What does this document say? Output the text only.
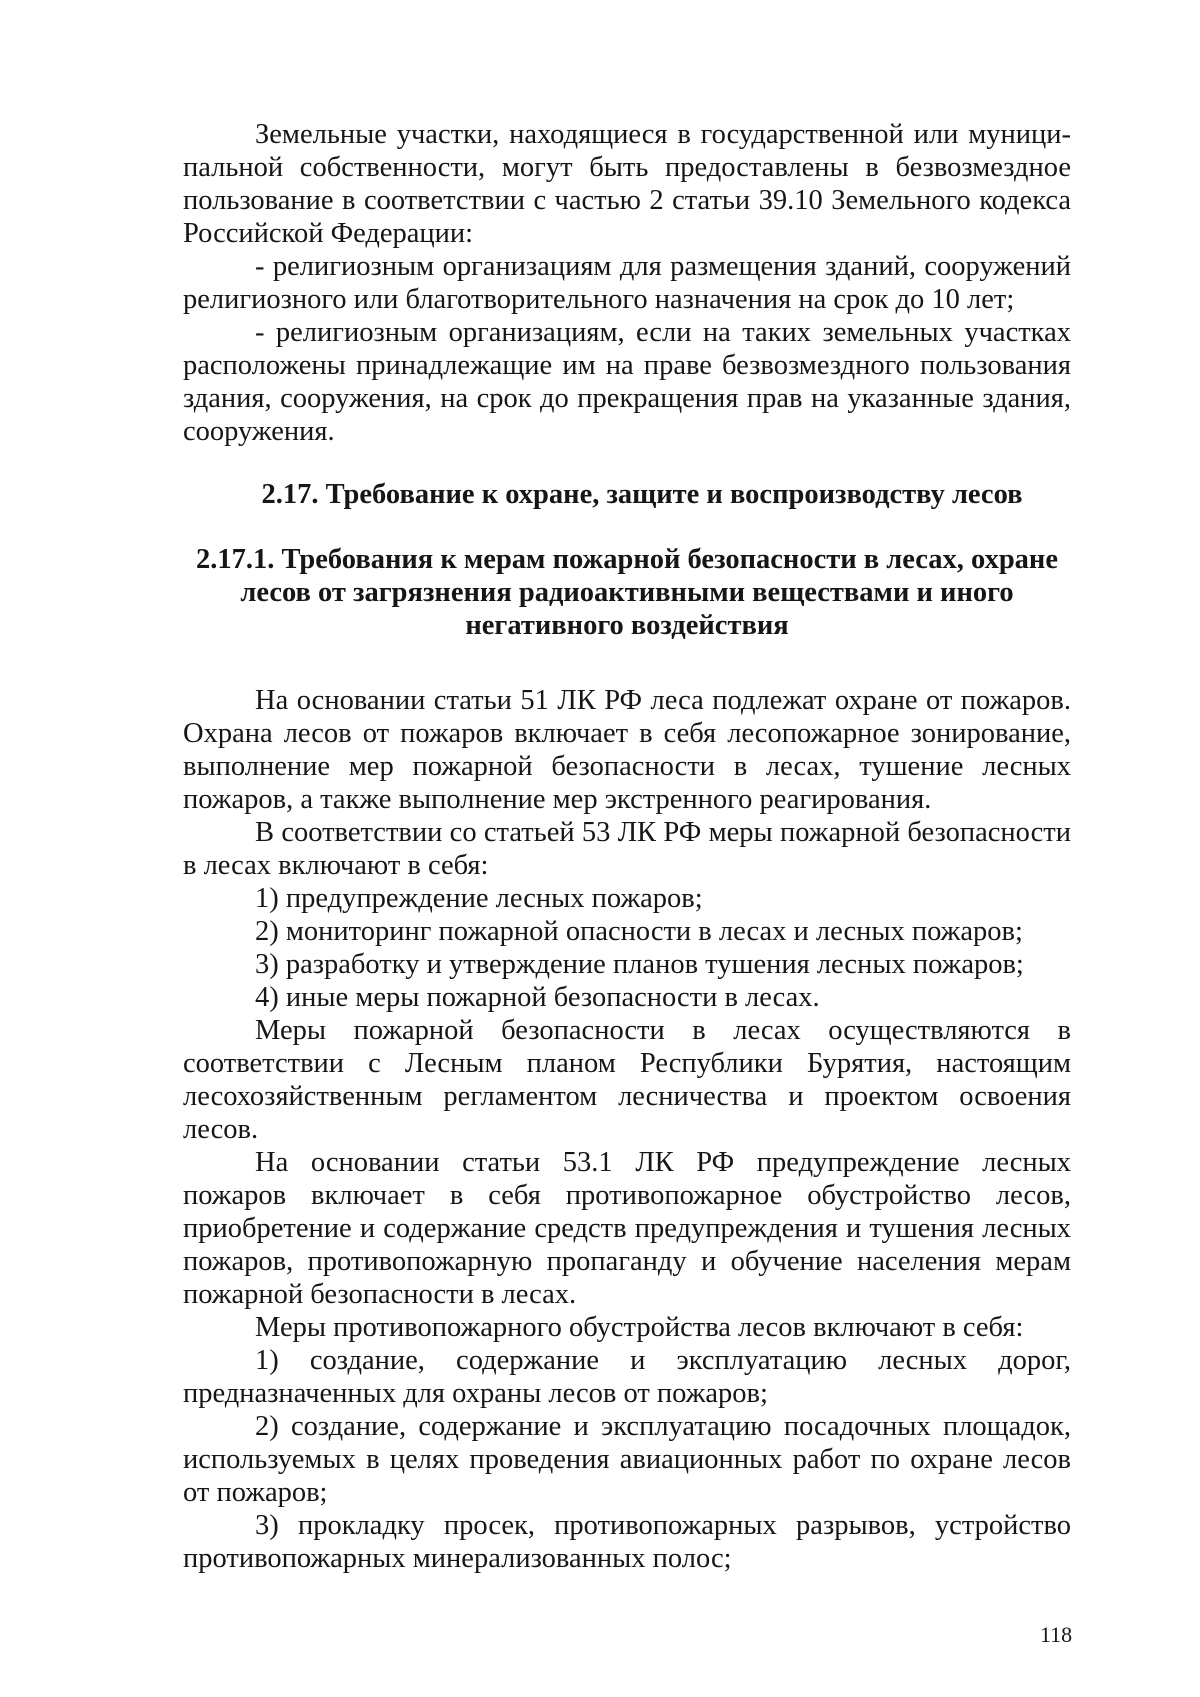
Земельные участки, находящиеся в государственной или муниципальной собственности, могут быть предоставлены в безвозмездное пользование в соответствии с частью 2 статьи 39.10 Земельного кодекса Российской Федерации:

- религиозным организациям для размещения зданий, сооружений религиозного или благотворительного назначения на срок до 10 лет;

- религиозным организациям, если на таких земельных участках расположены принадлежащие им на праве безвозмездного пользования здания, сооружения, на срок до прекращения прав на указанные здания, сооружения.

2.17. Требование к охране, защите и воспроизводству лесов
2.17.1. Требования к мерам пожарной безопасности в лесах, охране лесов от загрязнения радиоактивными веществами и иного негативного воздействия

На основании статьи 51 ЛК РФ леса подлежат охране от пожаров. Охрана лесов от пожаров включает в себя лесопожарное зонирование, выполнение мер пожарной безопасности в лесах, тушение лесных пожаров, а также выполнение мер экстренного реагирования.

В соответствии со статьей 53 ЛК РФ меры пожарной безопасности в лесах включают в себя:

1) предупреждение лесных пожаров;

2) мониторинг пожарной опасности в лесах и лесных пожаров;

3) разработку и утверждение планов тушения лесных пожаров;

4) иные меры пожарной безопасности в лесах.

Меры пожарной безопасности в лесах осуществляются в соответствии с Лесным планом Республики Бурятия, настоящим лесохозяйственным регламентом лесничества и проектом освоения лесов.

На основании статьи 53.1 ЛК РФ предупреждение лесных пожаров включает в себя противопожарное обустройство лесов, приобретение и содержание средств предупреждения и тушения лесных пожаров, противопожарную пропаганду и обучение населения мерам пожарной безопасности в лесах.

Меры противопожарного обустройства лесов включают в себя:

1) создание, содержание и эксплуатацию лесных дорог, предназначенных для охраны лесов от пожаров;

2) создание, содержание и эксплуатацию посадочных площадок, используемых в целях проведения авиационных работ по охране лесов от пожаров;

3) прокладку просек, противопожарных разрывов, устройство противопожарных минерализованных полос;

118
